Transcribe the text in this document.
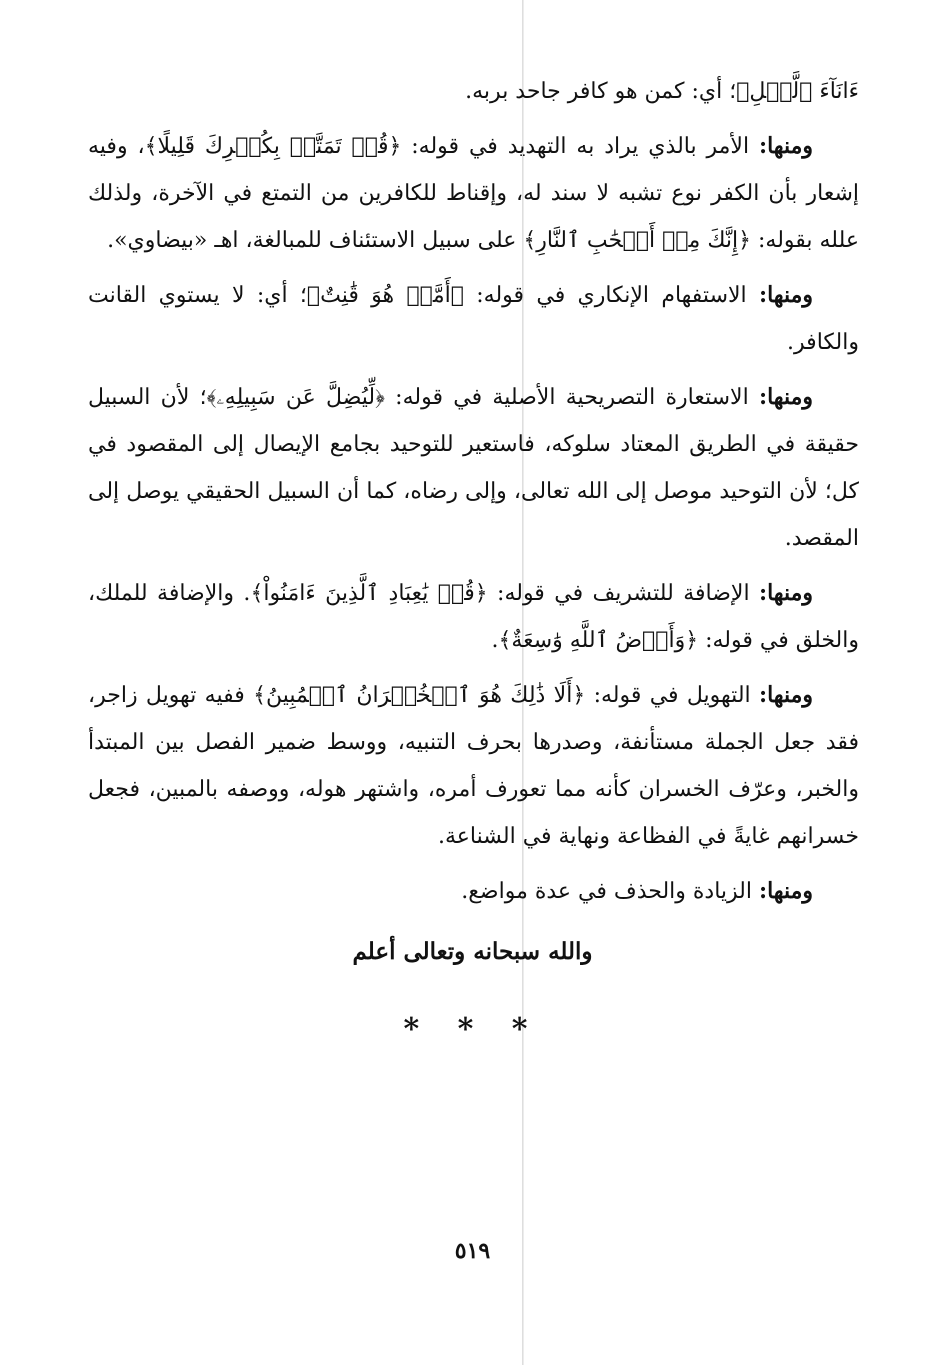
ءَانَآءَ ٱلَّيۡلِ﴾؛ أي: كمن هو كافر جاحد بربه.

ومنها: الأمر بالذي يراد به التهديد في قوله: ﴿قُلۡ تَمَتَّعۡ بِكُفۡرِكَ قَلِيلًا﴾، وفيه إشعار بأن الكفر نوع تشبه لا سند له، وإقناط للكافرين من التمتع في الآخرة، ولذلك علله بقوله: ﴿إِنَّكَ مِنۡ أَصۡحَٰبِ ٱلنَّارِ﴾ على سبيل الاستئناف للمبالغة، اهـ «بيضاوي».

ومنها: الاستفهام الإنكاري في قوله: ﴿أَمَّنۡ هُوَ قَٰنِتٌ﴾؛ أي: لا يستوي القانت والكافر.

ومنها: الاستعارة التصريحية الأصلية في قوله: ﴿لِّيُضِلَّ عَن سَبِيلِهِۦ﴾؛ لأن السبيل حقيقة في الطريق المعتاد سلوكه، فاستعير للتوحيد بجامع الإيصال إلى المقصود في كل؛ لأن التوحيد موصل إلى الله تعالى، وإلى رضاه، كما أن السبيل الحقيقي يوصل إلى المقصد.

ومنها: الإضافة للتشريف في قوله: ﴿قُلۡ يَٰعِبَادِ ٱلَّذِينَ ءَامَنُواْ﴾. والإضافة للملك، والخلق في قوله: ﴿وَأَرۡضُ ٱللَّهِ وَٰسِعَةٌ﴾.

ومنها: التهويل في قوله: ﴿أَلَا ذَٰلِكَ هُوَ ٱلۡخُسۡرَانُ ٱلۡمُبِينُ﴾ ففيه تهويل زاجر، فقد جعل الجملة مستأنفة، وصدرها بحرف التنبيه، ووسط ضمير الفصل بين المبتدأ والخبر، وعرّف الخسران كأنه مما تعورف أمره، واشتهر هوله، ووصفه بالمبين، فجعل خسرانهم غايةً في الفظاعة ونهاية في الشناعة.

ومنها: الزيادة والحذف في عدة مواضع.

والله سبحانه وتعالى أعلم
* * *
٥١٩
